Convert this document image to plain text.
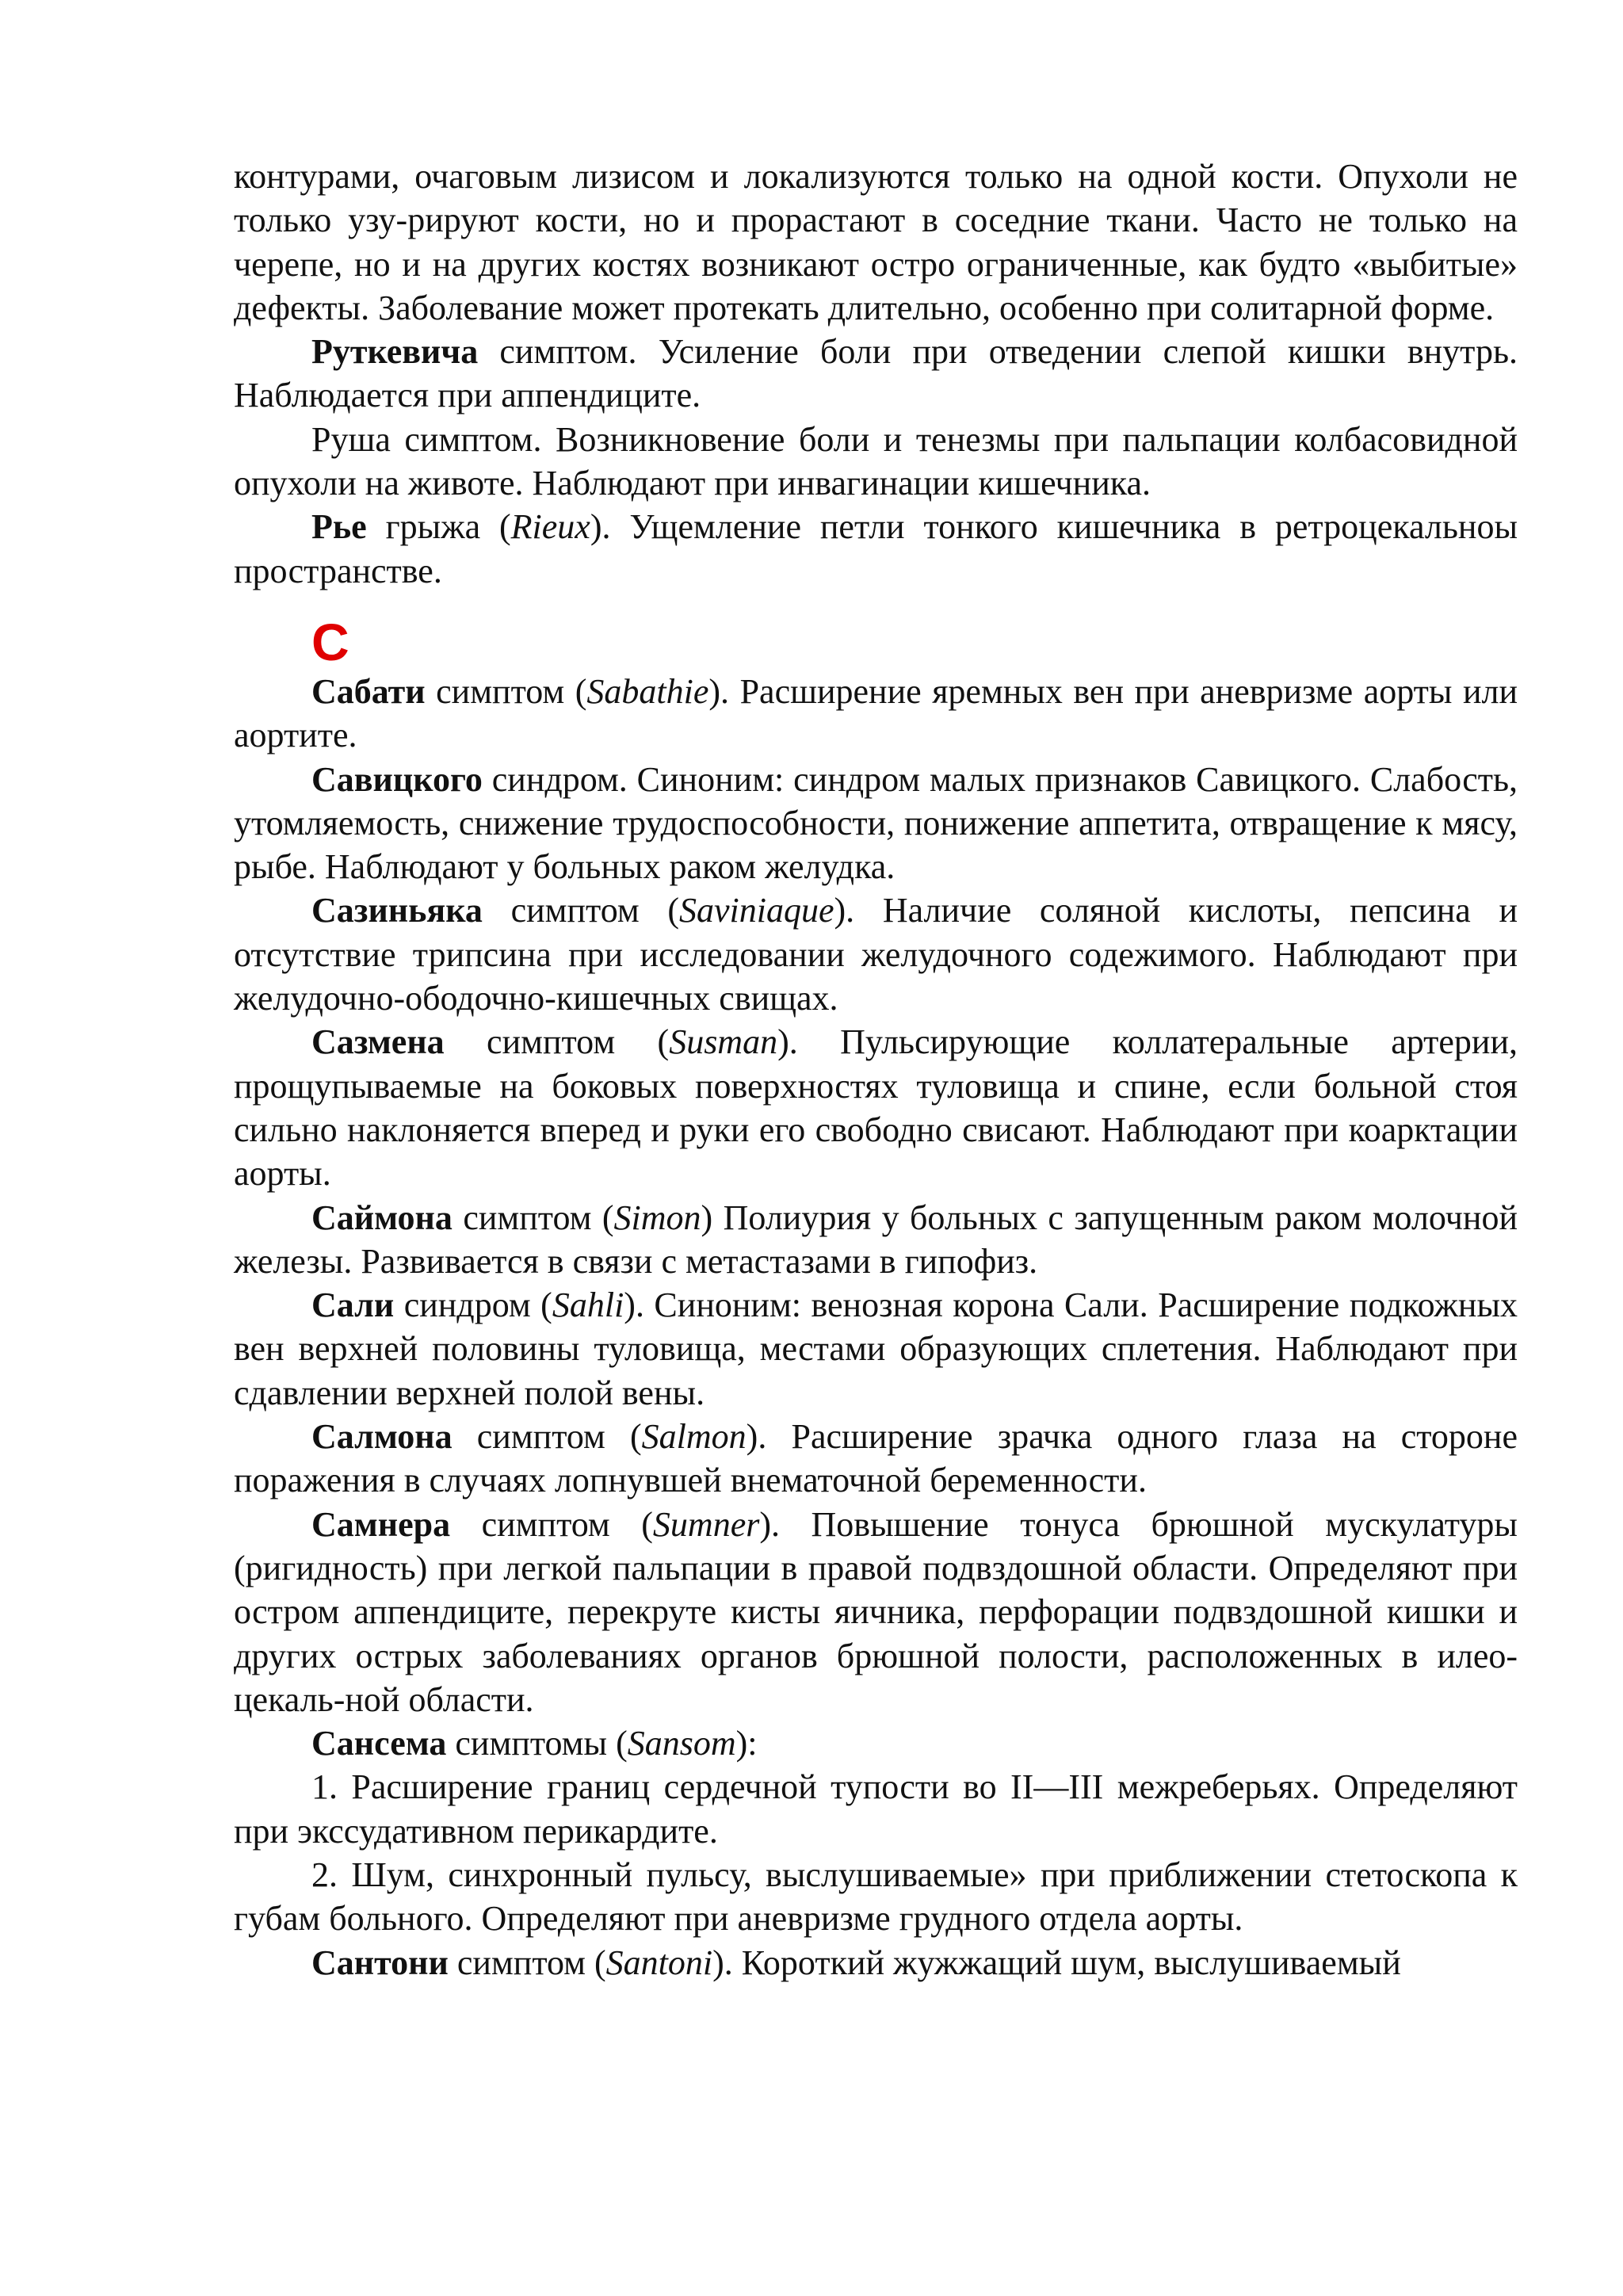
контурами, очаговым лизисом и локализуются только на одной кости. Опухоли не только узу-рируют кости, но и прорастают в соседние ткани. Часто не только на черепе, но и на других костях возникают остро ограниченные, как будто «выбитые» дефекты. Заболевание может протекать длительно, особенно при солитарной форме.

Руткевича симптом. Усиление боли при отведении слепой кишки внутрь. Наблюдается при аппендиците.

Руша симптом. Возникновение боли и тенезмы при пальпации колбасовидной опухоли на животе. Наблюдают при инвагинации кишечника.

Рье грыжа (Rieux). Ущемление петли тонкого кишечника в ретроцекальноы пространстве.

С

Сабати симптом (Sabathie). Расширение яремных вен при аневризме аорты или аортите.

Савицкого синдром. Синоним: синдром малых признаков Савицкого. Слабость, утомляемость, снижение трудоспособности, понижение аппетита, отвращение к мясу, рыбе. Наблюдают у больных раком желудка.

Сазиньяка симптом (Saviniaque). Наличие соляной кислоты, пепсина и отсутствие трипсина при исследовании желудочного содежимого. Наблюдают при желудочно-ободочно-кишечных свищах.

Сазмена симптом (Susman). Пульсирующие коллатеральные артерии, прощупываемые на боковых поверхностях туловища и спине, если больной стоя сильно наклоняется вперед и руки его свободно свисают. Наблюдают при коарктации аорты.

Саймона симптом (Simon) Полиурия у больных с запущенным раком молочной железы. Развивается в связи с метастазами в гипофиз.

Сали синдром (Sahli). Синоним: венозная корона Сали. Расширение подкожных вен верхней половины туловища, местами образующих сплетения. Наблюдают при сдавлении верхней полой вены.

Салмона симптом (Salmon). Расширение зрачка одного глаза на стороне поражения в случаях лопнувшей внематочной беременности.

Самнера симптом (Sumner). Повышение тонуса брюшной мускулатуры (ригидность) при легкой пальпации в правой подвздошной области. Определяют при остром аппендиците, перекруте кисты яичника, перфорации подвздошной кишки и других острых заболеваниях органов брюшной полости, расположенных в илео-цекаль-ной области.

Сансема симптомы (Sansom):

1. Расширение границ сердечной тупости во II—III межреберьях. Определяют при экссудативном перикардите.

2. Шум, синхронный пульсу, выслушиваемые» при приближении стетоскопа к губам больного. Определяют при аневризме грудного отдела аорты.

Сантони симптом (Santoni). Короткий жужжащий шум, выслушиваемый
